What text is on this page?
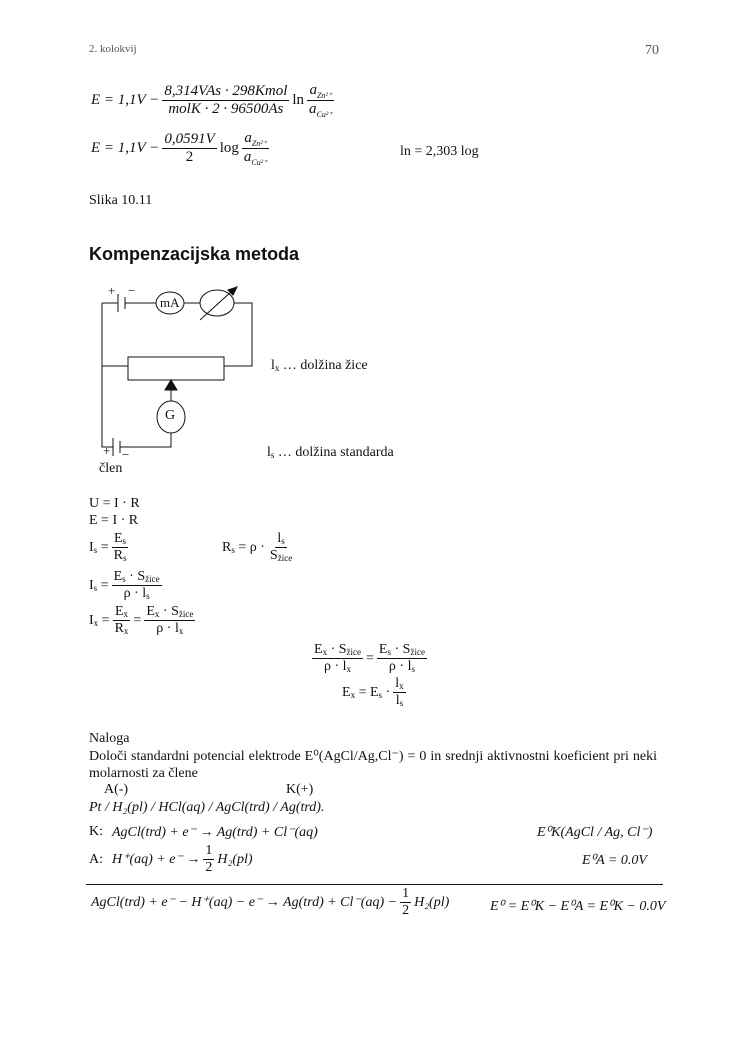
2. kolokvij	70
$E = 1,1V - \frac{\text{8,314VAs · 298Kmol}}{\text{molK · 2 · 96500As}}$ $\ln \frac{a_{Zn^{2+}}}{a_{Cu^{2+}}}$
$E = 1,1V - \frac{0,0591V}{2}$ $\log \frac{a_{Zn^{2+}}}{a_{Cu^{2+}}}$	ln = 2,303 log
Slika 10.11
Kompenzacijska metoda
+ −
mA
G
+ −
člen
$l_x$ … dolžina žice
$l_s$ … dolžina standarda
U = I · R
E = I · R
$I_s = \frac{E_s}{R_s}$	$R_s = \rho \cdot \frac{l_s}{S_{žice}}$
$I_s = \frac{E_s \cdot S_{žice}}{\rho \cdot l_s}$
$I_x = \frac{E_x}{R_x} = \frac{E_x \cdot S_{žice}}{\rho \cdot l_x}$
$\frac{E_x \cdot S_{žice}}{\rho \cdot l_x} = \frac{E_s \cdot S_{žice}}{\rho \cdot l_s}$
$E_x = E_s \cdot \frac{l_x}{l_s}$
Naloga
Določi standardni potencial elektrode E⁰(AgCl/Ag,Cl⁻) = 0 in srednji aktivnostni koeficient pri neki molarnosti za člene
A(-)	K(+)
Pt / H₂(pl) / HCl(aq) / AgCl(trd) / Ag(trd).
K: AgCl(trd) + e⁻ → Ag(trd) + Cl⁻(aq)	E⁰K(AgCl / Ag, Cl⁻)
A: $H^+(aq) + e^- \to \frac{1}{2} H_2(pl)$	E⁰A = 0.0V
AgCl(trd) + $e^- - H^+(aq) - e^- \to Ag(trd) + Cl^-(aq) - \frac{1}{2} H_2(pl)$	E⁰ = E⁰K − E⁰A = E⁰K − 0.0V
